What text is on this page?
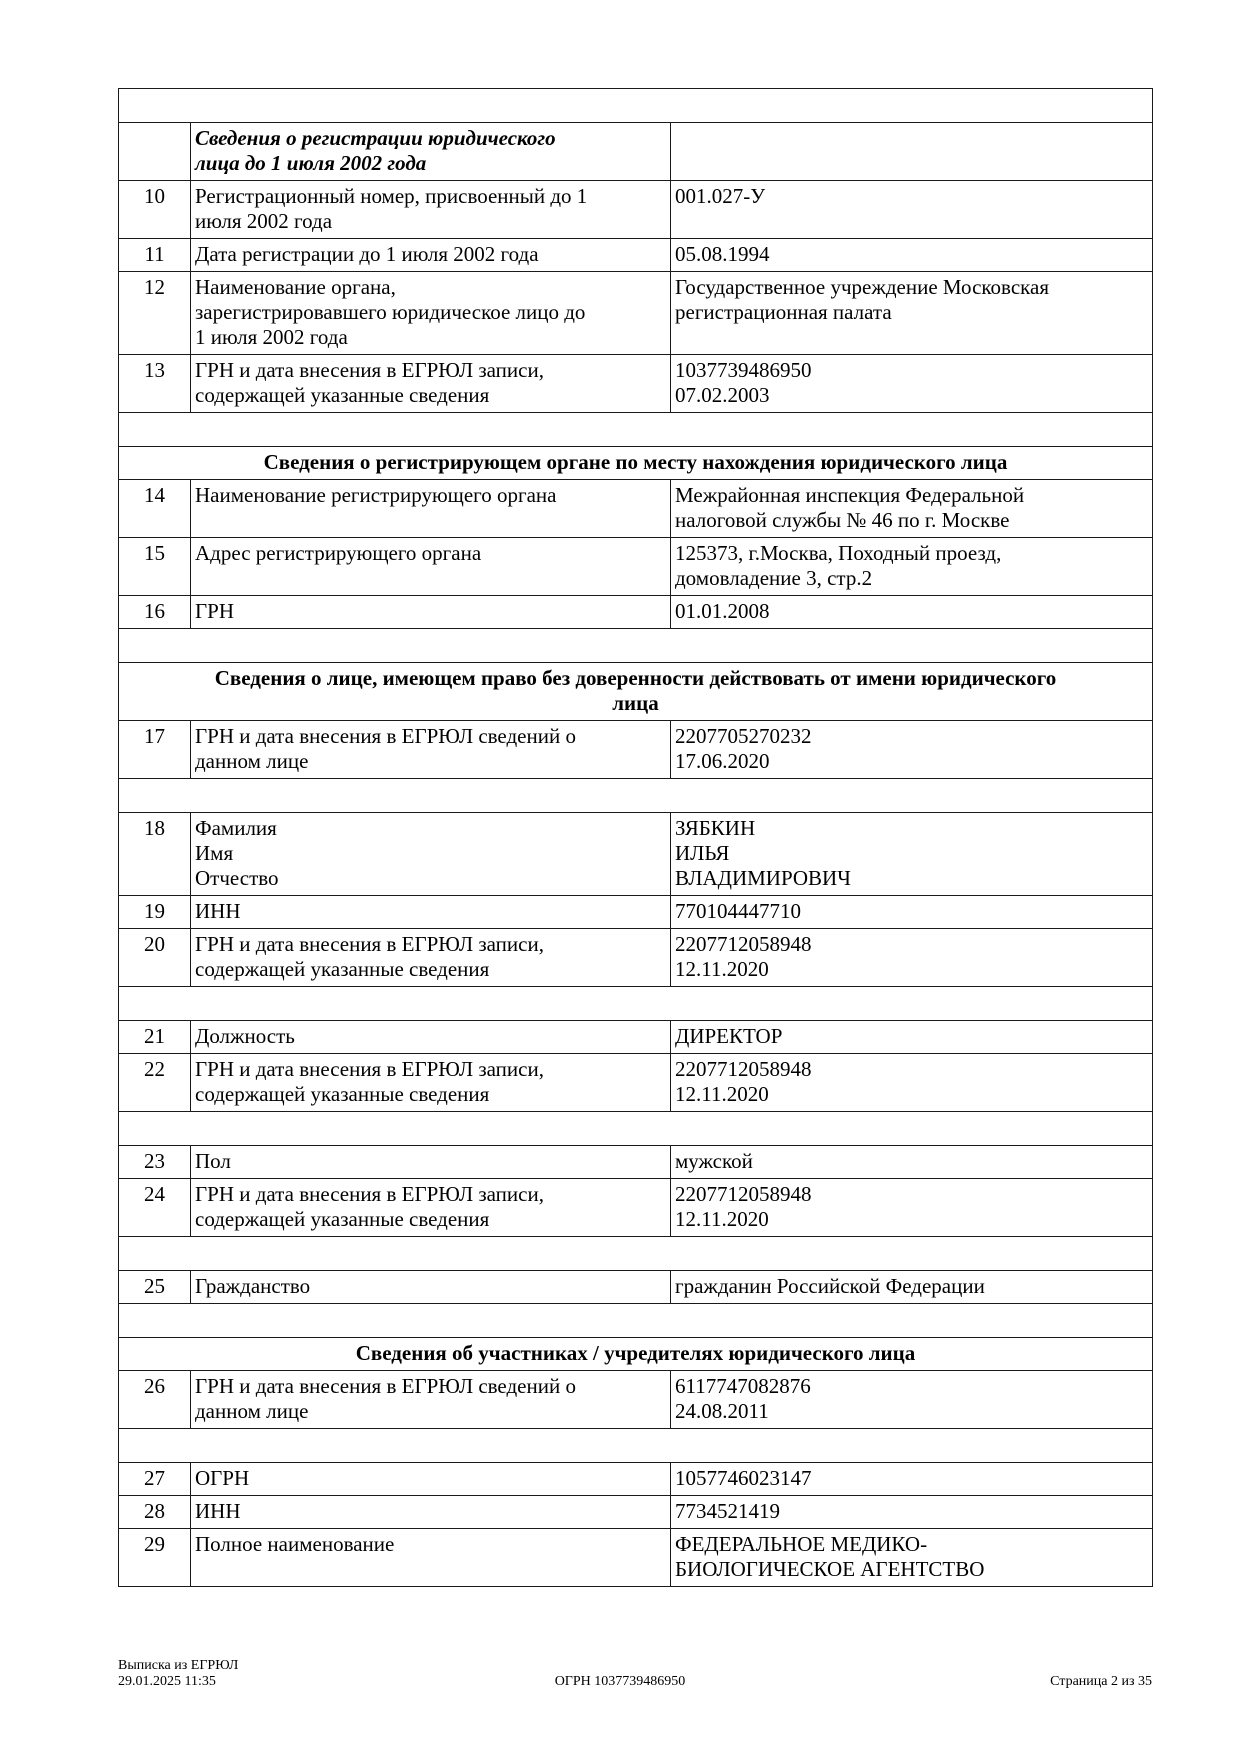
	Сведения о регистрации юридического
лица до 1 июля 2002 года	

10	Регистрационный номер, присвоенный до 1
июля 2002 года	001.027-У

11	Дата регистрации до 1 июля 2002 года	05.08.1994

12	Наименование органа,
зарегистрировавшего юридическое лицо до
1 июля 2002 года	Государственное учреждение Московская
регистрационная палата

13	ГРН и дата внесения в ЕГРЮЛ записи,
содержащей указанные сведения	1037739486950
07.02.2003

Сведения о регистрирующем органе по месту нахождения юридического лица		

14	Наименование регистрирующего органа	Межрайонная инспекция Федеральной
налоговой службы № 46 по г. Москве

15	Адрес регистрирующего органа	125373, г.Москва, Походный проезд,
домовладение 3, стр.2

16	ГРН	01.01.2008

Сведения о лице, имеющем право без доверенности действовать от имени юридического
лица		

17	ГРН и дата внесения в ЕГРЮЛ сведений о
данном лице	2207705270232
17.06.2020

18	Фамилия
Имя
Отчество	ЗЯБКИН
ИЛЬЯ
ВЛАДИМИРОВИЧ

19	ИНН	770104447710

20	ГРН и дата внесения в ЕГРЮЛ записи,
содержащей указанные сведения	2207712058948
12.11.2020

21	Должность	ДИРЕКТОР

22	ГРН и дата внесения в ЕГРЮЛ записи,
содержащей указанные сведения	2207712058948
12.11.2020

23	Пол	мужской

24	ГРН и дата внесения в ЕГРЮЛ записи,
содержащей указанные сведения	2207712058948
12.11.2020

25	Гражданство	гражданин Российской Федерации

Сведения об участниках / учредителях юридического лица		

26	ГРН и дата внесения в ЕГРЮЛ сведений о
данном лице	6117747082876
24.08.2011

27	ОГРН	1057746023147

28	ИНН	7734521419

29	Полное наименование	ФЕДЕРАЛЬНОЕ МЕДИКО-
БИОЛОГИЧЕСКОЕ АГЕНТСТВО
Выписка из ЕГРЮЛ
29.01.2025 11:35	ОГРН 1037739486950	Страница 2 из 35
